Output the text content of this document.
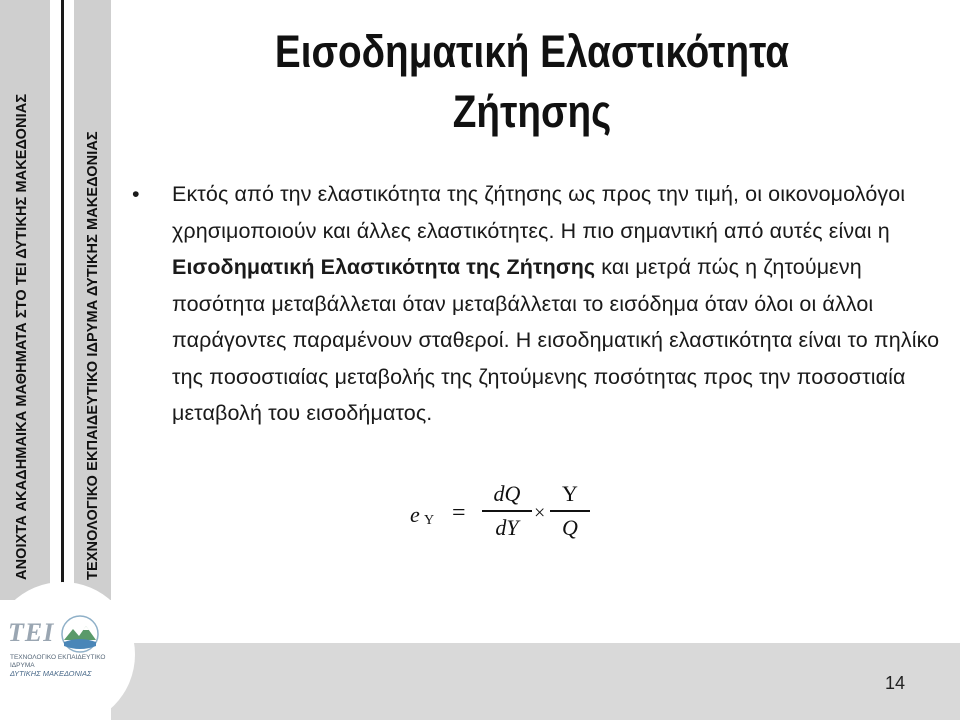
ΑΝΟΙΧΤΑ ΑΚΑΔΗΜΑΙΚΑ ΜΑΘΗΜΑΤΑ ΣΤΟ ΤΕΙ ΔΥΤΙΚΗΣ ΜΑΚΕΔΟΝΙΑΣ	ΤΕΧΝΟΛΟΓΙΚΟ ΕΚΠΑΙΔΕΥΤΙΚΟ ΙΔΡΥΜΑ ΔΥΤΙΚΗΣ ΜΑΚΕΔΟΝΙΑΣ
TEI
ΤΕΧΝΟΛΟΓΙΚΟ ΕΚΠΑΙΔΕΥΤΙΚΟ ΙΔΡΥΜΑ
ΔΥΤΙΚΗΣ ΜΑΚΕΔΟΝΙΑΣ
Εισοδηματική Ελαστικότητα
Ζήτησης
•	Εκτός από την ελαστικότητα της ζήτησης ως προς την τιμή, οι οικονομολόγοι χρησιμοποιούν και άλλες ελαστικότητες. Η πιο σημαντική από αυτές είναι η Εισοδηματική Ελαστικότητα της Ζήτησης και μετρά πώς η ζητούμενη ποσότητα μεταβάλλεται όταν μεταβάλλεται το εισόδημα όταν όλοι οι άλλοι παράγοντες παραμένουν σταθεροί. Η εισοδηματική ελαστικότητα είναι το πηλίκο της ποσοστιαίας μεταβολής της ζητούμενης ποσότητας προς την ποσοστιαία μεταβολή του εισοδήματος.
e Y =
dQ
dY
×
Y
Q
14
